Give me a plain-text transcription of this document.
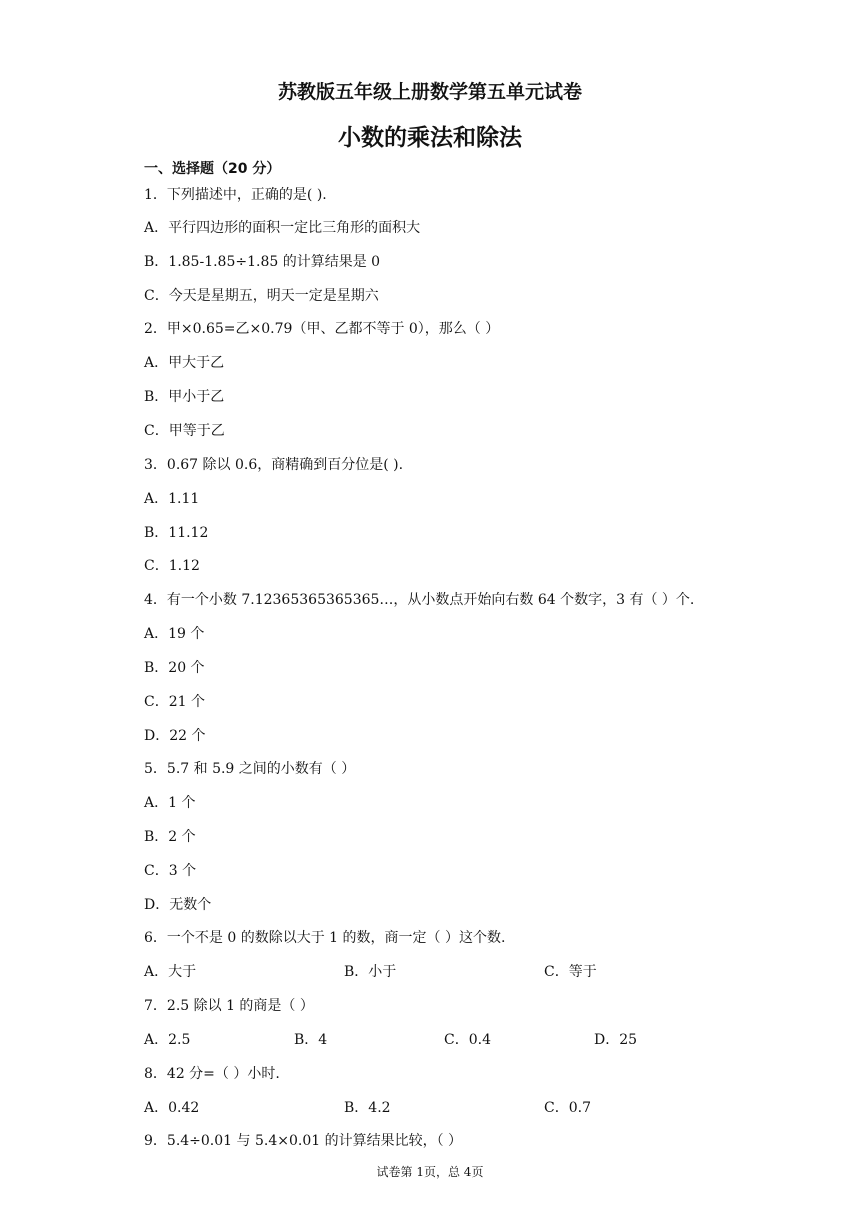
苏教版五年级上册数学第五单元试卷
小数的乘法和除法
一、选择题（20 分）
1．下列描述中，正确的是( ).
A．平行四边形的面积一定比三角形的面积大
B．1.85-1.85÷1.85 的计算结果是 0
C．今天是星期五，明天一定是星期六
2．甲×0.65=乙×0.79（甲、乙都不等于 0），那么（ ）
A．甲大于乙
B．甲小于乙
C．甲等于乙
3．0.67 除以 0.6，商精确到百分位是( ).
A．1.11
B．11.12
C．1.12
4．有一个小数 7.12365365365365…，从小数点开始向右数 64 个数字，3 有（ ）个.
A．19 个
B．20 个
C．21 个
D．22 个
5．5.7 和 5.9 之间的小数有（ ）
A．1 个
B．2 个
C．3 个
D．无数个
6．一个不是 0 的数除以大于 1 的数，商一定（ ）这个数.
A．大于	B．小于	C．等于
7．2.5 除以 1 的商是（ ）
A．2.5	B．4	C．0.4	D．25
8．42 分=（ ）小时.
A．0.42	B．4.2	C．0.7
9．5.4÷0.01 与 5.4×0.01 的计算结果比较，（ ）
试卷第 1页，总 4页
